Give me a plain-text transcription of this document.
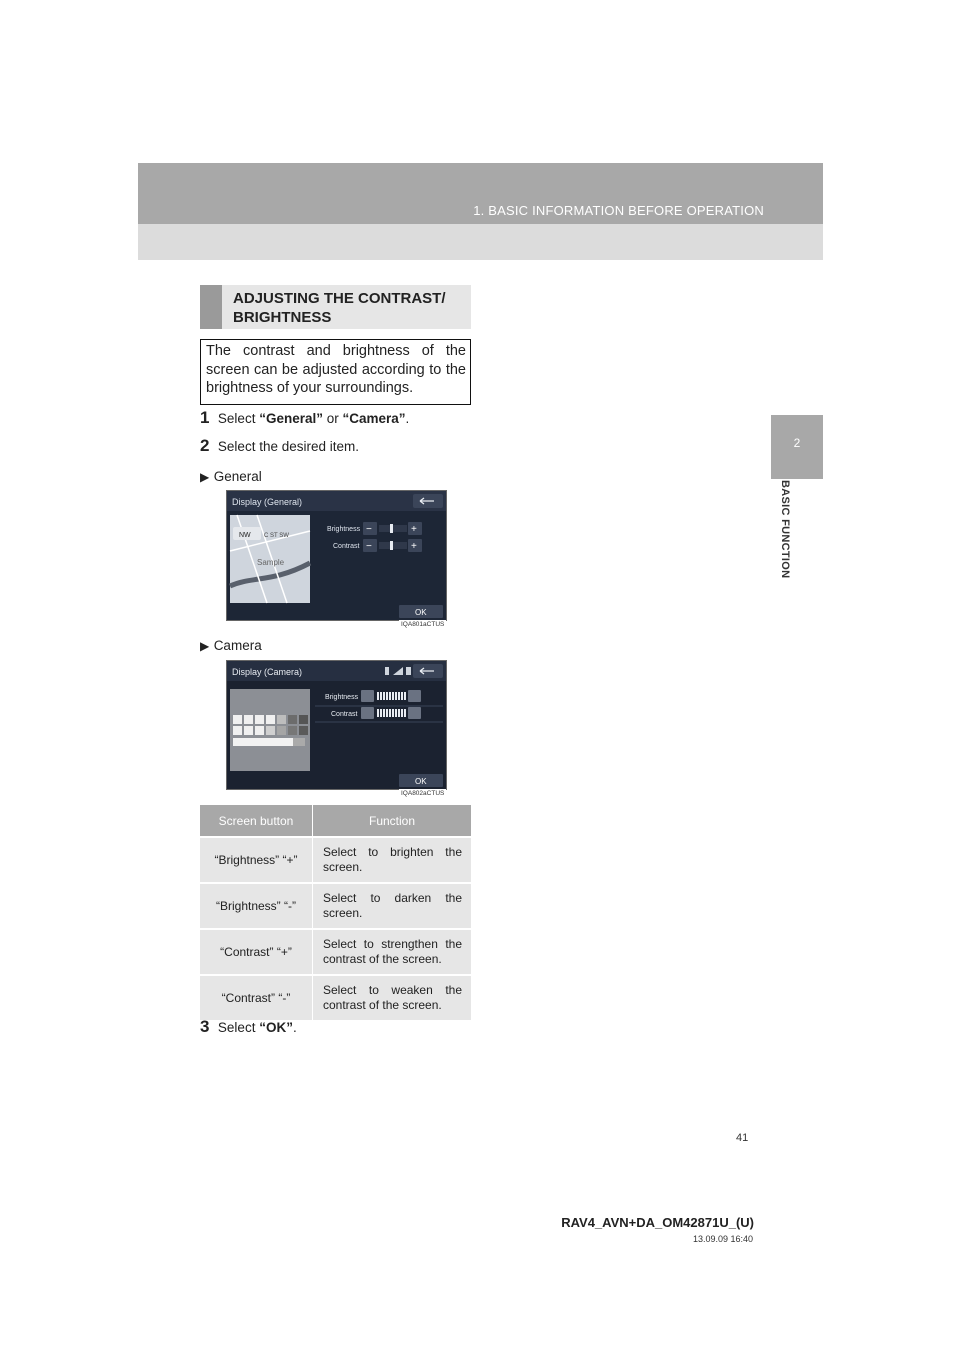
1. BASIC INFORMATION BEFORE OPERATION
2
BASIC FUNCTION
ADJUSTING THE CONTRAST/ BRIGHTNESS
The contrast and brightness of the screen can be adjusted according to the brightness of your surroundings.
1 Select “General” or “Camera”.
2 Select the desired item.
▶ General
Display (General)
NW C ST SW
Sample
Brightness −	+
Contrast −	+
OK
IQA801aCTUS
▶ Camera
Display (Camera)
Brightness
Contrast
OK
IQA802aCTUS
Screen button	Function
“Brightness” “+”	Select to brighten the screen.
“Brightness” “-”	Select to darken the screen.
“Contrast” “+”	Select to strengthen the contrast of the screen.
“Contrast” “-”	Select to weaken the contrast of the screen.
3 Select “OK”.
41
RAV4_AVN+DA_OM42871U_(U)
13.09.09 16:40
